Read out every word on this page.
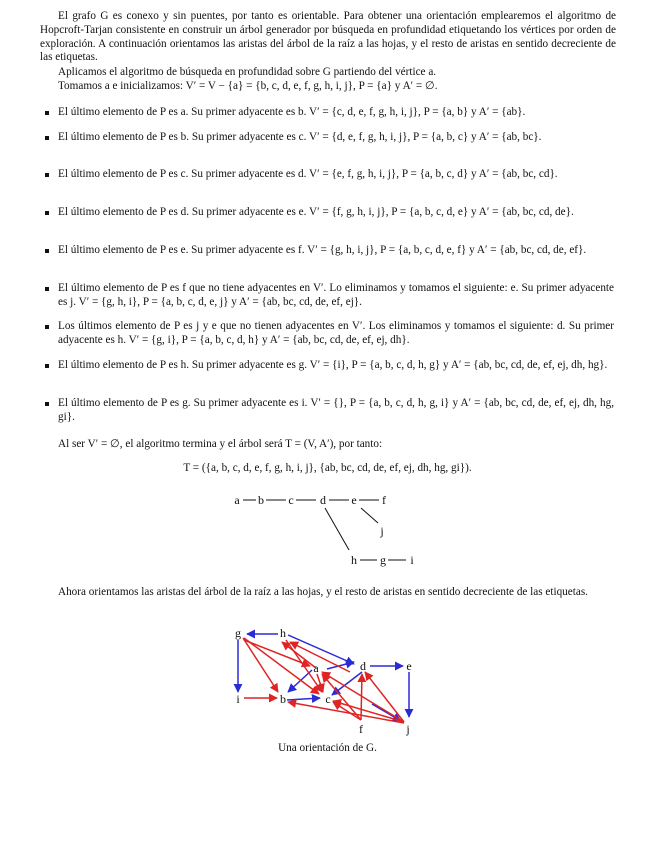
El grafo G es conexo y sin puentes, por tanto es orientable. Para obtener una orientación emplearemos el algoritmo de Hopcroft-Tarjan consistente en construir un árbol generador por búsqueda en profundidad etiquetando los vértices por orden de exploración. A continuación orientamos las aristas del árbol de la raíz a las hojas, y el resto de aristas en sentido decreciente de las etiquetas.

Aplicamos el algoritmo de búsqueda en profundidad sobre G partiendo del vértice a.

Tomamos a e inicializamos: V′ = V − {a} = {b, c, d, e, f, g, h, i, j}, P = {a} y A′ = ∅.

El último elemento de P es a. Su primer adyacente es b. V′ = {c, d, e, f, g, h, i, j}, P = {a, b} y A′ = {ab}.
El último elemento de P es b. Su primer adyacente es c. V′ = {d, e, f, g, h, i, j}, P = {a, b, c} y A′ = {ab, bc}.
El último elemento de P es c. Su primer adyacente es d. V′ = {e, f, g, h, i, j}, P = {a, b, c, d} y A′ = {ab, bc, cd}.
El último elemento de P es d. Su primer adyacente es e. V′ = {f, g, h, i, j}, P = {a, b, c, d, e} y A′ = {ab, bc, cd, de}.
El último elemento de P es e. Su primer adyacente es f. V′ = {g, h, i, j}, P = {a, b, c, d, e, f} y A′ = {ab, bc, cd, de, ef}.
El último elemento de P es f que no tiene adyacentes en V′. Lo eliminamos y tomamos el siguiente: e. Su primer adyacente es j. V′ = {g, h, i}, P = {a, b, c, d, e, j} y A′ = {ab, bc, cd, de, ef, ej}.
Los últimos elemento de P es j y e que no tienen adyacentes en V′. Los eliminamos y tomamos el siguiente: d. Su primer adyacente es h. V′ = {g, i}, P = {a, b, c, d, h} y A′ = {ab, bc, cd, de, ef, ej, dh}.
El último elemento de P es h. Su primer adyacente es g. V′ = {i}, P = {a, b, c, d, h, g} y A′ = {ab, bc, cd, de, ef, ej, dh, hg}.
El último elemento de P es g. Su primer adyacente es i. V′ = {}, P = {a, b, c, d, h, g, i} y A′ = {ab, bc, cd, de, ef, ej, dh, hg, gi}.

Al ser V′ = ∅, el algoritmo termina y el árbol será T = (V, A′), por tanto:

T = ({a, b, c, d, e, f, g, h, i, j}, {ab, bc, cd, de, ef, ej, dh, hg, gi}).
a b c d e f
j
h g i

Ahora orientamos las aristas del árbol de la raíz a las hojas, y el resto de aristas en sentido decreciente de las etiquetas.

g	h
a	d	e
i	b	c
f	j
Una orientación de G.
